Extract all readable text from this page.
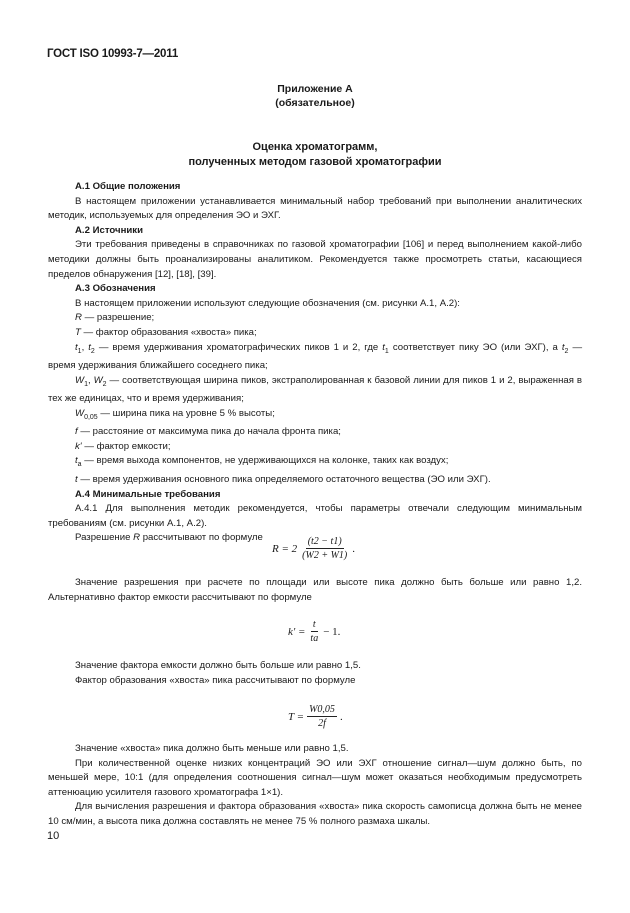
ГОСТ ISO 10993-7—2011
Приложение А
(обязательное)
Оценка хроматограмм,
полученных методом газовой хроматографии

А.1 Общие положения

В настоящем приложении устанавливается минимальный набор требований при выполнении аналитических методик, используемых для определения ЭО и ЭХГ.

А.2 Источники

Эти требования приведены в справочниках по газовой хроматографии [106] и перед выполнением какой-либо методики должны быть проанализированы аналитиком. Рекомендуется также просмотреть статьи, касающиеся пределов обнаружения [12], [18], [39].

А.3 Обозначения

В настоящем приложении используют следующие обозначения (см. рисунки А.1, А.2):

R — разрешение;

T — фактор образования «хвоста» пика;

$t_1$, $t_2$ — время удерживания хроматографических пиков 1 и 2, где $t_1$ соответствует пику ЭО (или ЭХГ), а $t_2$ — время удерживания ближайшего соседнего пика;

$W_1$, $W_2$ — соответствующая ширина пиков, экстраполированная к базовой линии для пиков 1 и 2, выраженная в тех же единицах, что и время удерживания;

$W_{0,05}$ — ширина пика на уровне 5 % высоты;

f — расстояние от максимума пика до начала фронта пика;

k' — фактор емкости;

$t_a$ — время выхода компонентов, не удерживающихся на колонке, таких как воздух;

t — время удерживания основного пика определяемого остаточного вещества (ЭО или ЭХГ).

А.4 Минимальные требования

А.4.1 Для выполнения методик рекомендуется, чтобы параметры отвечали следующим минимальным требованиям (см. рисунки А.1, А.2).

Разрешение R рассчитывают по формуле

$R = 2 \frac{(t2 - t1)}{(W2 + W1)}$ .

Значение разрешения при расчете по площади или высоте пика должно быть больше или равно 1,2. Альтернативно фактор емкости рассчитывают по формуле

$k' = \frac{t}{ta} - 1$.

Значение фактора емкости должно быть больше или равно 1,5.

Фактор образования «хвоста» пика рассчитывают по формуле

$T = \frac{W0,05}{2f}$ .

Значение «хвоста» пика должно быть меньше или равно 1,5.

При количественной оценке низких концентраций ЭО или ЭХГ отношение сигнал—шум должно быть, по меньшей мере, 10:1 (для определения соотношения сигнал—шум может оказаться необходимым предусмотреть аттенюацию усилителя газового хроматографа 1×1).

Для вычисления разрешения и фактора образования «хвоста» пика скорость самописца должна быть не менее 10 см/мин, а высота пика должна составлять не менее 75 % полного размаха шкалы.

10
